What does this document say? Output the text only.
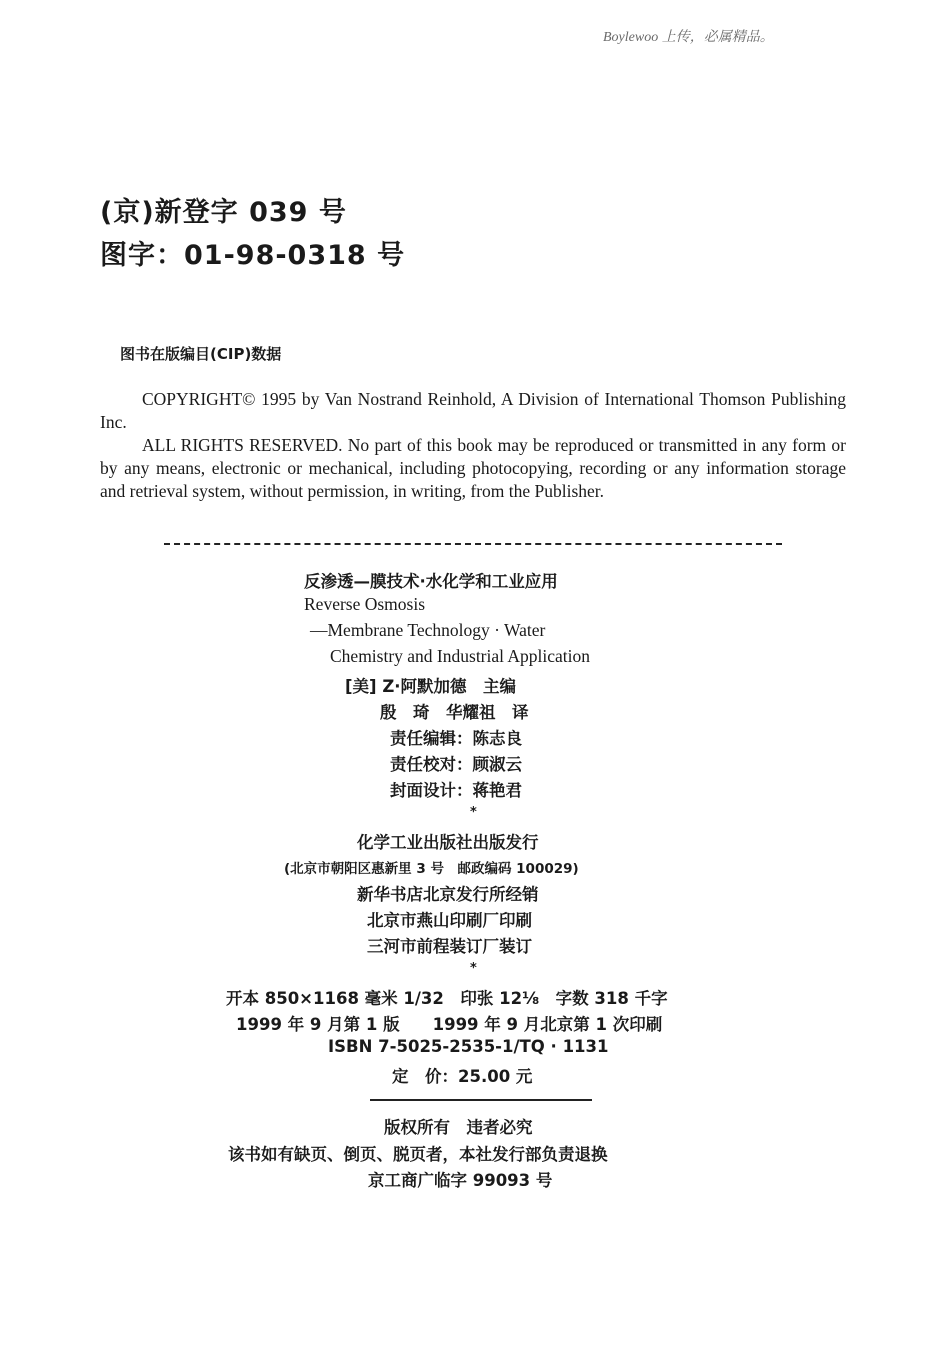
Boylewoo 上传，必属精品。
(京)新登字 039 号
图字：01-98-0318 号
图书在版编目(CIP)数据

COPYRIGHT© 1995 by Van Nostrand Reinhold, A Division of International Thomson Publishing Inc.

ALL RIGHTS RESERVED. No part of this book may be reproduced or transmitted in any form or by any means, electronic or mechanical, including photocopying, recording or any information storage and retrieval system, without permission, in writing, from the Publisher.

反渗透—膜技术·水化学和工业应用
Reverse Osmosis
—Membrane Technology · Water
Chemistry and Industrial Application
[美] Z·阿默加德　主编
殷　琦　华耀祖　译
责任编辑：陈志良
责任校对：顾淑云
封面设计：蒋艳君
*
化学工业出版社出版发行
(北京市朝阳区惠新里 3 号　邮政编码 100029)
新华书店北京发行所经销
北京市燕山印刷厂印刷
三河市前程装订厂装订
*
开本 850×1168 毫米 1/32　印张 12⅛　字数 318 千字
1999 年 9 月第 1 版　　1999 年 9 月北京第 1 次印刷
ISBN 7-5025-2535-1/TQ · 1131
定　价：25.00 元
版权所有　违者必究
该书如有缺页、倒页、脱页者，本社发行部负责退换
京工商广临字 99093 号
